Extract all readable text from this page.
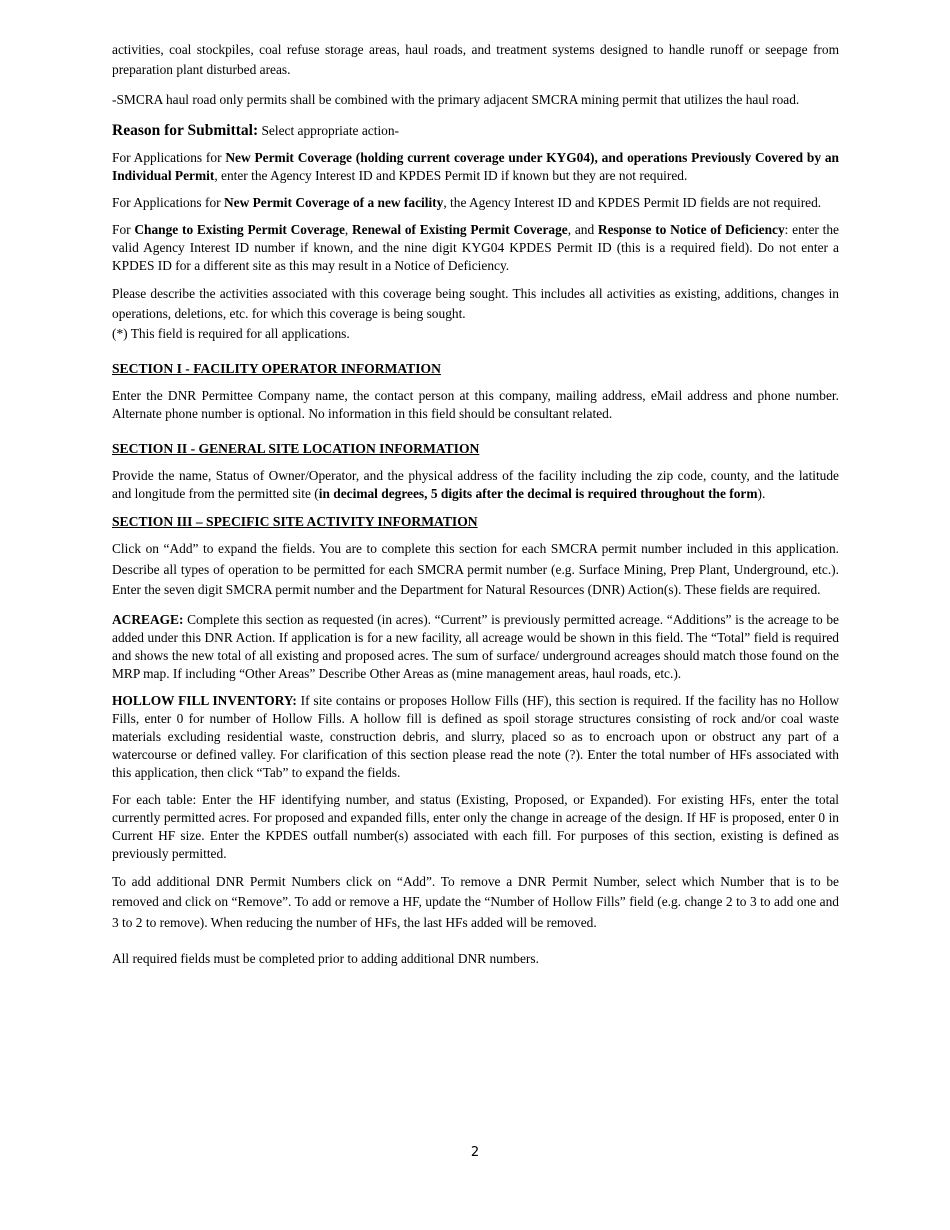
activities, coal stockpiles, coal refuse storage areas, haul roads, and treatment systems designed to handle runoff or seepage from preparation plant disturbed areas.

-SMCRA haul road only permits shall be combined with the primary adjacent SMCRA mining permit that utilizes the haul road.

Reason for Submittal: Select appropriate action-

For Applications for New Permit Coverage (holding current coverage under KYG04), and operations Previously Covered by an Individual Permit, enter the Agency Interest ID and KPDES Permit ID if known but they are not required.

For Applications for New Permit Coverage of a new facility, the Agency Interest ID and KPDES Permit ID fields are not required.

For Change to Existing Permit Coverage, Renewal of Existing Permit Coverage, and Response to Notice of Deficiency: enter the valid Agency Interest ID number if known, and the nine digit KYG04 KPDES Permit ID (this is a required field). Do not enter a KPDES ID for a different site as this may result in a Notice of Deficiency.

Please describe the activities associated with this coverage being sought. This includes all activities as existing, additions, changes in operations, deletions, etc. for which this coverage is being sought.

(*) This field is required for all applications.

SECTION I - FACILITY OPERATOR INFORMATION

Enter the DNR Permittee Company name, the contact person at this company, mailing address, eMail address and phone number. Alternate phone number is optional. No information in this field should be consultant related.

SECTION II - GENERAL SITE LOCATION INFORMATION

Provide the name, Status of Owner/Operator, and the physical address of the facility including the zip code, county, and the latitude and longitude from the permitted site (in decimal degrees, 5 digits after the decimal is required throughout the form).

SECTION III – SPECIFIC SITE ACTIVITY INFORMATION

Click on “Add” to expand the fields. You are to complete this section for each SMCRA permit number included in this application. Describe all types of operation to be permitted for each SMCRA permit number (e.g. Surface Mining, Prep Plant, Underground, etc.). Enter the seven digit SMCRA permit number and the Department for Natural Resources (DNR) Action(s). These fields are required.

ACREAGE: Complete this section as requested (in acres). “Current” is previously permitted acreage. “Additions” is the acreage to be added under this DNR Action. If application is for a new facility, all acreage would be shown in this field. The “Total” field is required and shows the new total of all existing and proposed acres. The sum of surface/ underground acreages should match those found on the MRP map. If including “Other Areas” Describe Other Areas as (mine management areas, haul roads, etc.).

HOLLOW FILL INVENTORY: If site contains or proposes Hollow Fills (HF), this section is required. If the facility has no Hollow Fills, enter 0 for number of Hollow Fills. A hollow fill is defined as spoil storage structures consisting of rock and/or coal waste materials excluding residential waste, construction debris, and slurry, placed so as to encroach upon or obstruct any part of a watercourse or defined valley. For clarification of this section please read the note (?). Enter the total number of HFs associated with this application, then click “Tab” to expand the fields.

For each table: Enter the HF identifying number, and status (Existing, Proposed, or Expanded). For existing HFs, enter the total currently permitted acres. For proposed and expanded fills, enter only the change in acreage of the design. If HF is proposed, enter 0 in Current HF size. Enter the KPDES outfall number(s) associated with each fill. For purposes of this section, existing is defined as previously permitted.

To add additional DNR Permit Numbers click on “Add”. To remove a DNR Permit Number, select which Number that is to be removed and click on “Remove”. To add or remove a HF, update the “Number of Hollow Fills” field (e.g. change 2 to 3 to add one and 3 to 2 to remove). When reducing the number of HFs, the last HFs added will be removed.

All required fields must be completed prior to adding additional DNR numbers.

2
